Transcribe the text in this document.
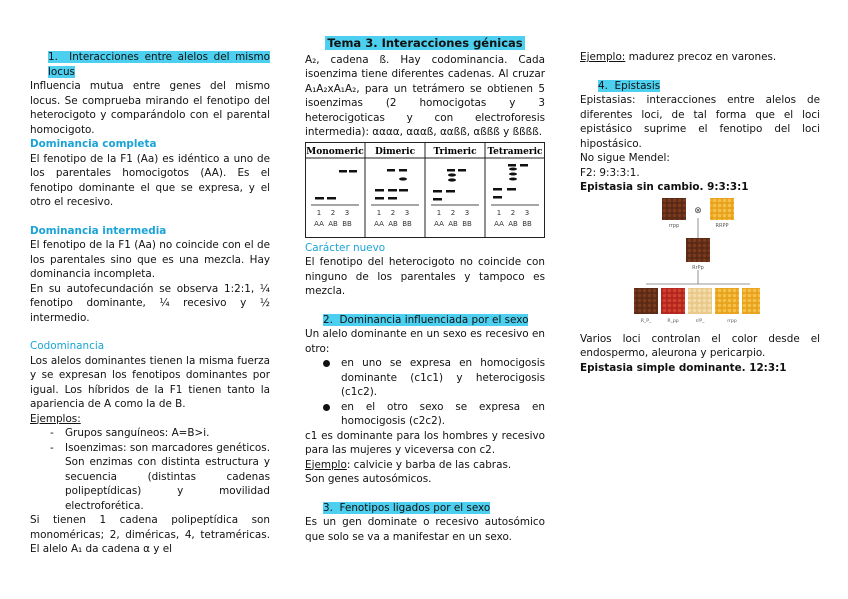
1. Interacciones entre alelos del mismo locus

Influencia mutua entre genes del mismo locus. Se comprueba mirando el fenotipo del heterocigoto y comparándolo con el parental homocigoto.

Dominancia completa

El fenotipo de la F1 (Aa) es idéntico a uno de los parentales homocigotos (AA). Es el fenotipo dominante el que se expresa, y el otro el recesivo.

Dominancia intermedia

El fenotipo de la F1 (Aa) no coincide con el de los parentales sino que es una mezcla. Hay dominancia incompleta.

En su autofecundación se observa 1:2:1, ¼ fenotipo dominante, ¼ recesivo y ½ intermedio.

Codominancia

Los alelos dominantes tienen la misma fuerza y se expresan los fenotipos dominantes por igual. Los híbridos de la F1 tienen tanto la apariencia de A como la de B.

Ejemplos:

- Grupos sanguíneos: A=B>i.
- Isoenzimas: son marcadores genéticos. Son enzimas con distinta estructura y secuencia (distintas cadenas polipeptídicas) y movilidad electroforética.

Si tienen 1 cadena polipeptídica son monoméricas; 2, diméricas, 4, tetraméricas. El alelo A₁ da cadena α y el

Tema 3. Interacciones génicas

A₂, cadena ß. Hay codominancia. Cada isoenzima tiene diferentes cadenas. Al cruzar A₁A₂xA₁A₂, para un tetrámero se obtienen 5 isoenzimas (2 homocigotas y 3 heterocigoticas y con electroforesis intermedia): αααα, αααß, ααßß, αßßß y ßßßß.

Monomeric Dimeric Trimeric Tetrameric
1 2 3	1 2 3	1 2 3	1 2 3
AA AB BB	AA AB BB	AA AB BB	AA AB BB

Carácter nuevo

El fenotipo del heterocigoto no coincide con ninguno de los parentales y tampoco es mezcla.

2. Dominancia influenciada por el sexo

Un alelo dominante en un sexo es recesivo en otro:

en uno se expresa en homocigosis dominante (c1c1) y heterocigosis (c1c2).
en el otro sexo se expresa en homocigosis (c2c2).

c1 es dominante para los hombres y recesivo para las mujeres y viceversa con c2.

Ejemplo: calvicie y barba de las cabras.

Son genes autosómicos.

3. Fenotipos ligados por el sexo

Es un gen dominate o recesivo autosómico que solo se va a manifestar en un sexo.

Ejemplo: madurez precoz en varones.

4. Epistasis

Epistasias: interacciones entre alelos de diferentes loci, de tal forma que el loci epistásico suprime el fenotipo del loci hipostásico.

No sigue Mendel:

F2: 9:3:3:1.

Epistasia sin cambio. 9:3:3:1

⊗
rrpp	RRPP
RrPp
R_P_	R_pp	rrP_	rrpp

Varios loci controlan el color desde el endospermo, aleurona y pericarpio.

Epistasia simple dominante. 12:3:1
